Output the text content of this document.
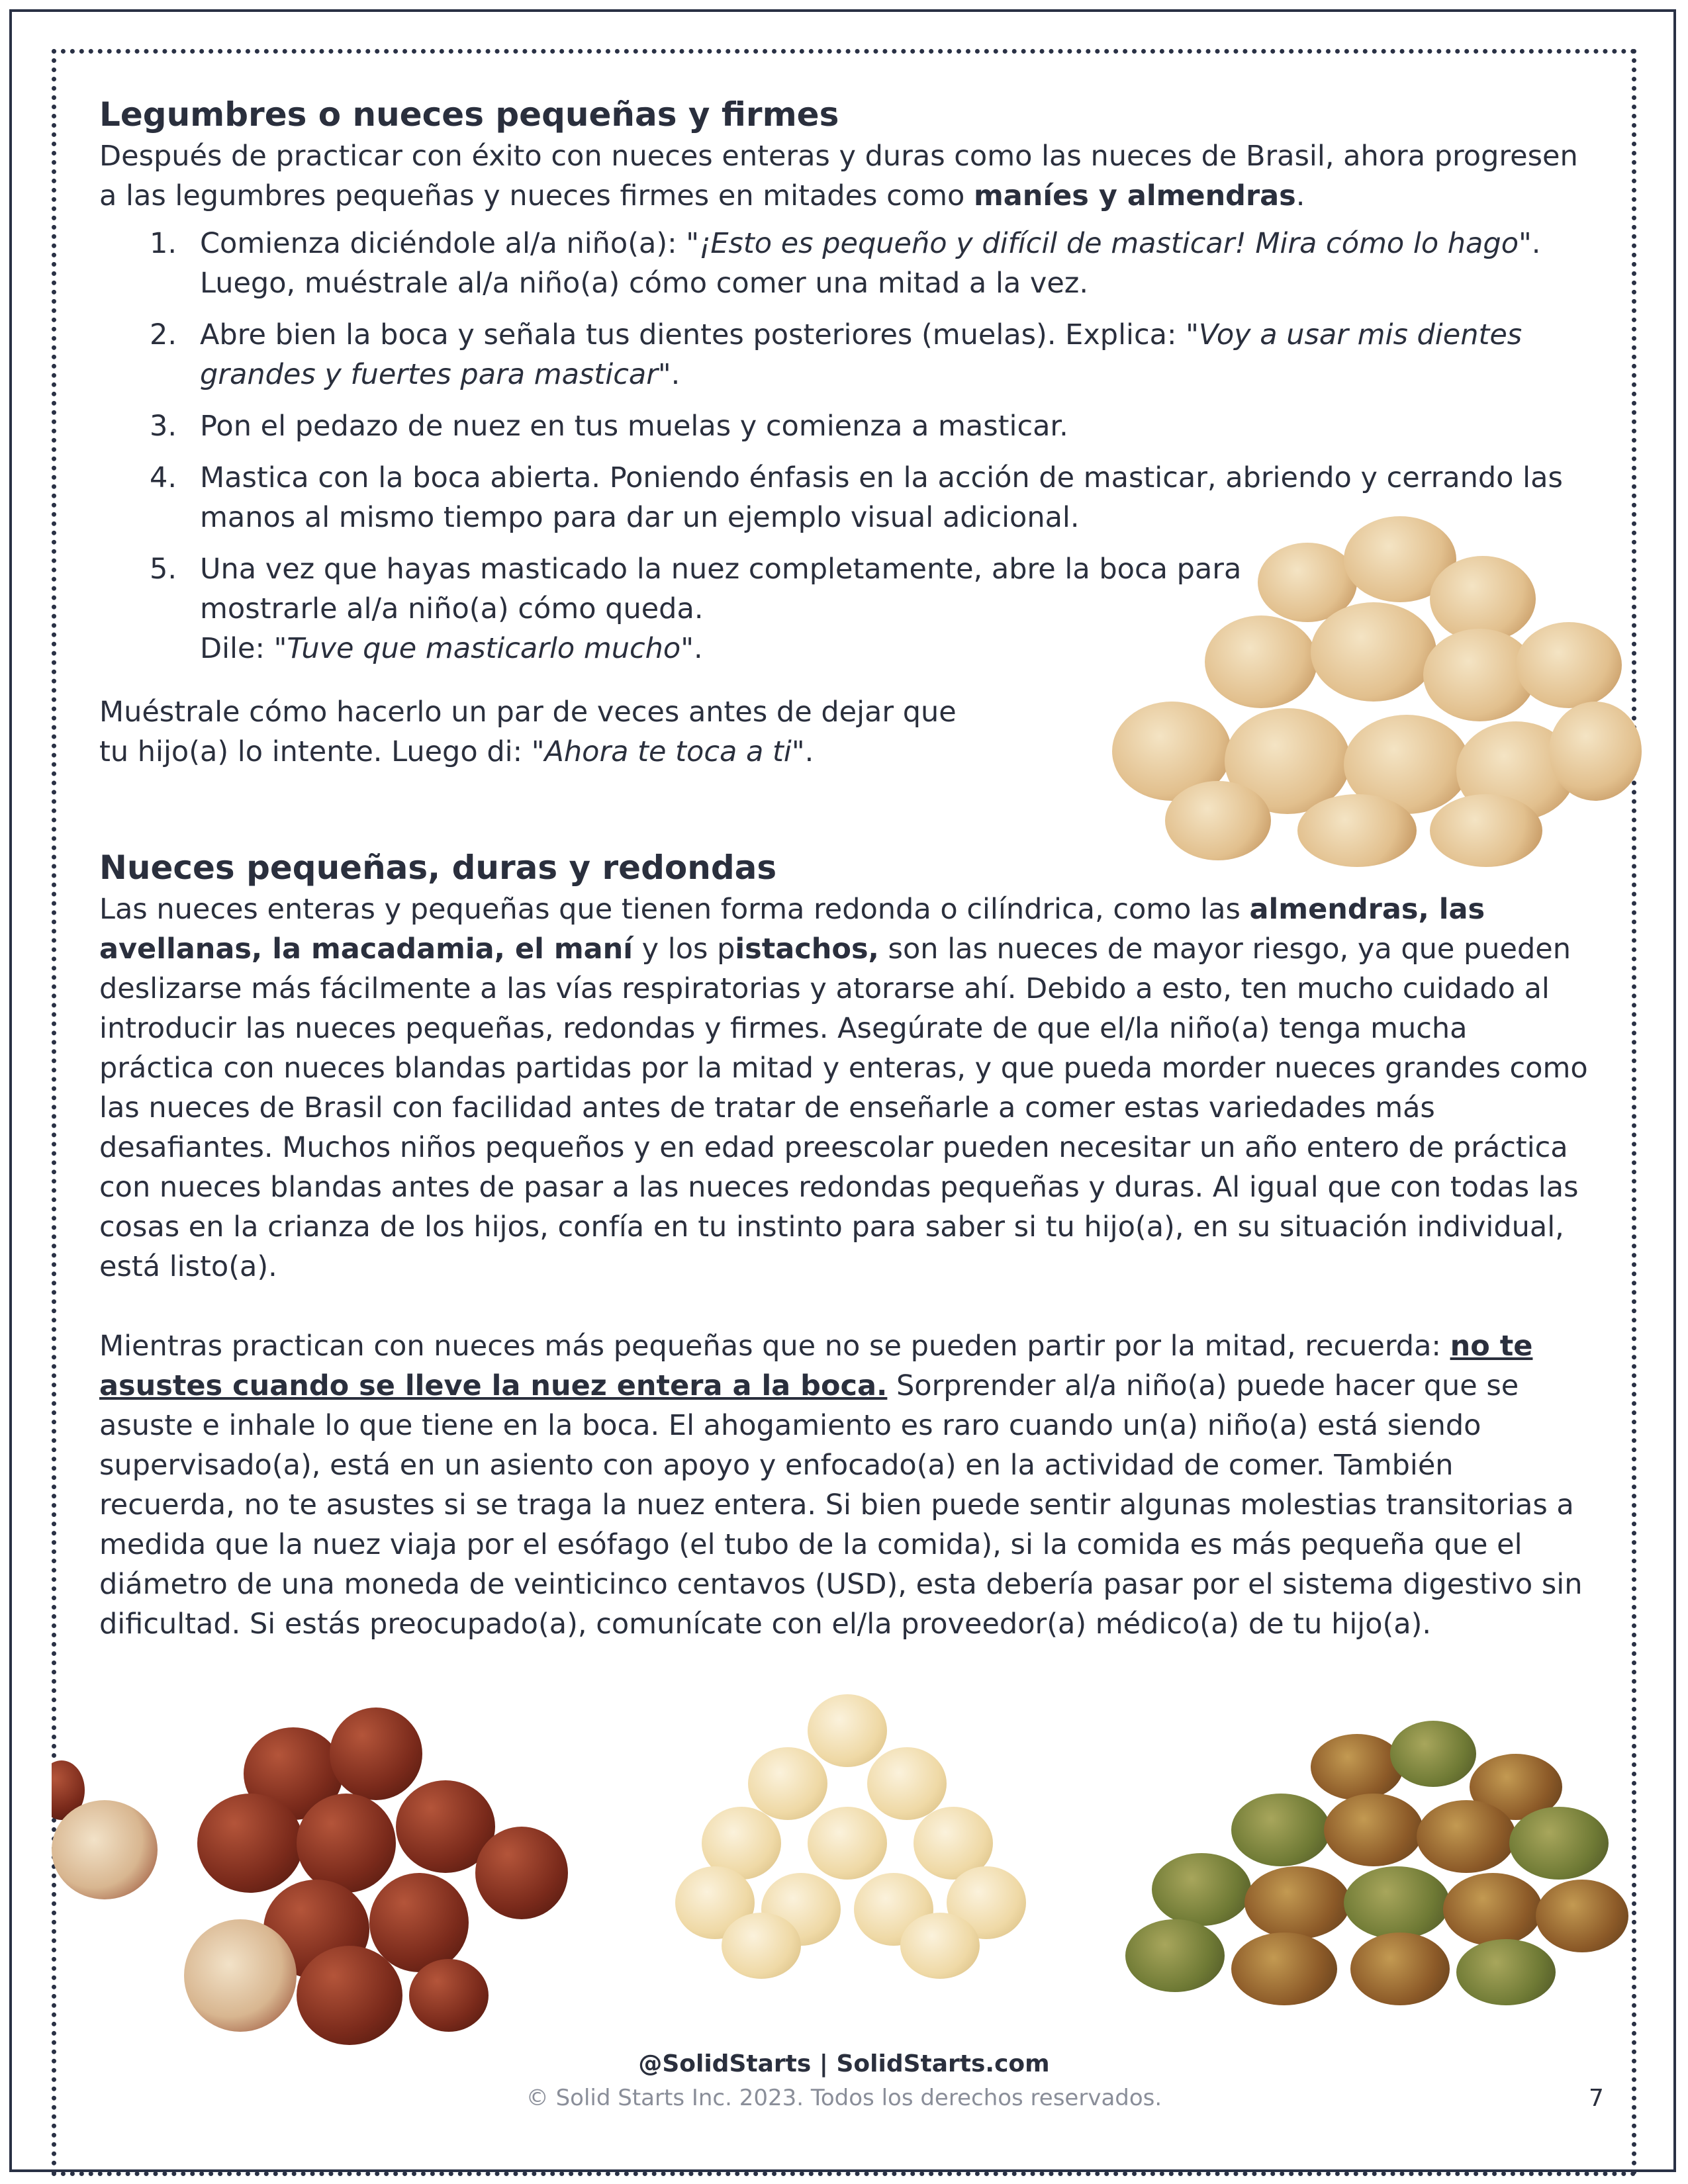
Legumbres o nueces pequeñas y firmes

Después de practicar con éxito con nueces enteras y duras como las nueces de Brasil, ahora progresen a las legumbres pequeñas y nueces firmes en mitades como maníes y almendras.

1. Comienza diciéndole al/a niño(a): "¡Esto es pequeño y difícil de masticar! Mira cómo lo hago". Luego, muéstrale al/a niño(a) cómo comer una mitad a la vez.
2. Abre bien la boca y señala tus dientes posteriores (muelas). Explica: "Voy a usar mis dientes grandes y fuertes para masticar".
3. Pon el pedazo de nuez en tus muelas y comienza a masticar.
4. Mastica con la boca abierta. Poniendo énfasis en la acción de masticar, abriendo y cerrando las manos al mismo tiempo para dar un ejemplo visual adicional.
5. Una vez que hayas masticado la nuez completamente, abre la boca para mostrarle al/a niño(a) cómo queda.
Dile: "Tuve que masticarlo mucho".

Muéstrale cómo hacerlo un par de veces antes de dejar que tu hijo(a) lo intente. Luego di: "Ahora te toca a ti".

Nueces pequeñas, duras y redondas

Las nueces enteras y pequeñas que tienen forma redonda o cilíndrica, como las almendras, las avellanas, la macadamia, el maní y los pistachos, son las nueces de mayor riesgo, ya que pueden deslizarse más fácilmente a las vías respiratorias y atorarse ahí. Debido a esto, ten mucho cuidado al introducir las nueces pequeñas, redondas y firmes. Asegúrate de que el/la niño(a) tenga mucha práctica con nueces blandas partidas por la mitad y enteras, y que pueda morder nueces grandes como las nueces de Brasil con facilidad antes de tratar de enseñarle a comer estas variedades más desafiantes. Muchos niños pequeños y en edad preescolar pueden necesitar un año entero de práctica con nueces blandas antes de pasar a las nueces redondas pequeñas y duras. Al igual que con todas las cosas en la crianza de los hijos, confía en tu instinto para saber si tu hijo(a), en su situación individual, está listo(a).

Mientras practican con nueces más pequeñas que no se pueden partir por la mitad, recuerda: no te asustes cuando se lleve la nuez entera a la boca. Sorprender al/a niño(a) puede hacer que se asuste e inhale lo que tiene en la boca. El ahogamiento es raro cuando un(a) niño(a) está siendo supervisado(a), está en un asiento con apoyo y enfocado(a) en la actividad de comer. También recuerda, no te asustes si se traga la nuez entera. Si bien puede sentir algunas molestias transitorias a medida que la nuez viaja por el esófago (el tubo de la comida), si la comida es más pequeña que el diámetro de una moneda de veinticinco centavos (USD), esta debería pasar por el sistema digestivo sin dificultad. Si estás preocupado(a), comunícate con el/la proveedor(a) médico(a) de tu hijo(a).

@SolidStarts | SolidStarts.com
© Solid Starts Inc. 2023. Todos los derechos reservados.	7
